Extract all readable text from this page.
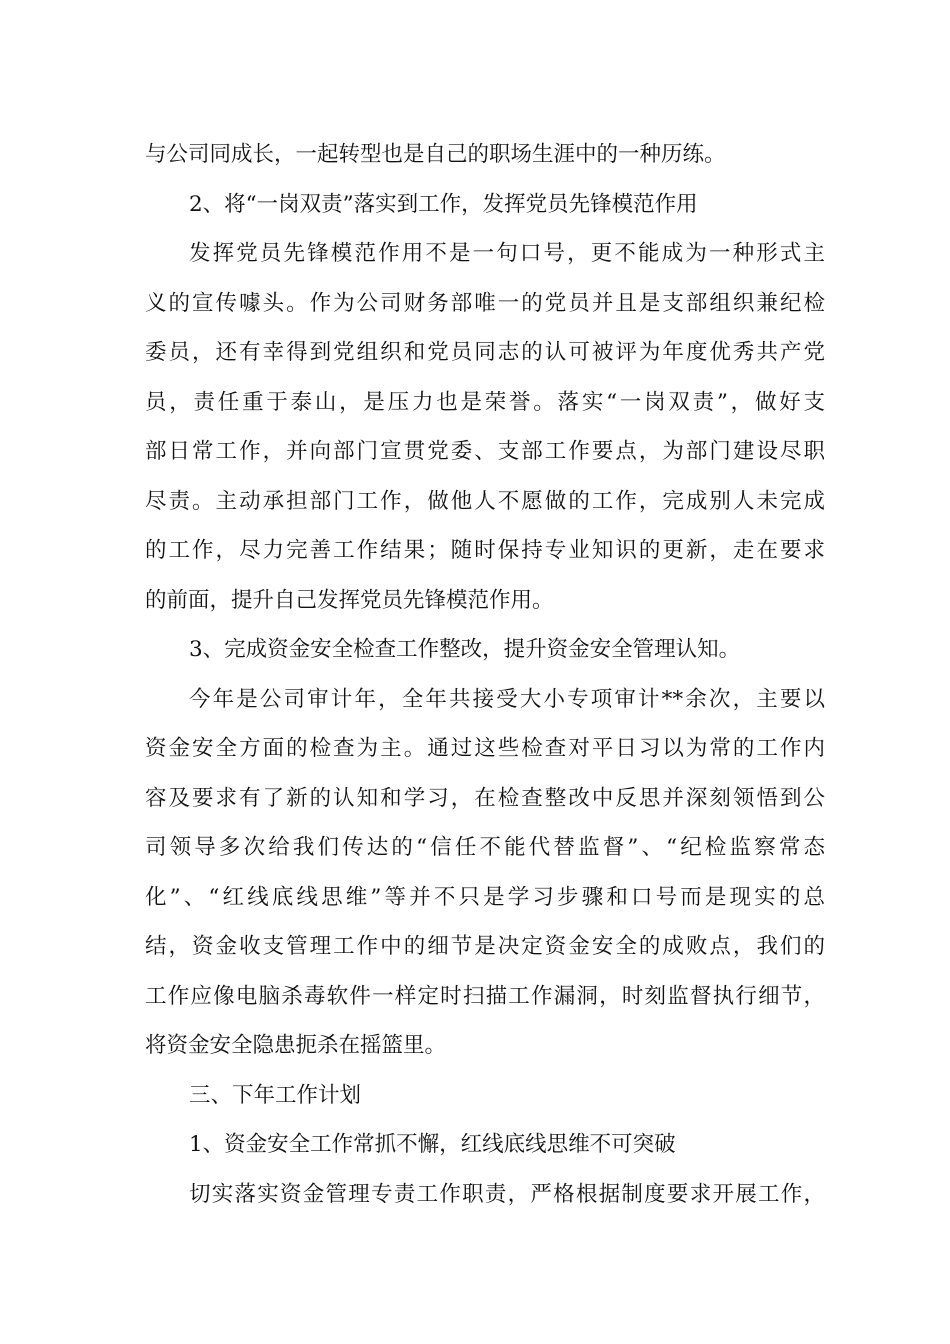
与公司同成长，一起转型也是自己的职场生涯中的一种历练。
2、将“一岗双责”落实到工作，发挥党员先锋模范作用
发挥党员先锋模范作用不是一句口号，更不能成为一种形式主
义的宣传噱头。作为公司财务部唯一的党员并且是支部组织兼纪检
委员，还有幸得到党组织和党员同志的认可被评为年度优秀共产党
员，责任重于泰山，是压力也是荣誉。落实“一岗双责”，做好支
部日常工作，并向部门宣贯党委、支部工作要点，为部门建设尽职
尽责。主动承担部门工作，做他人不愿做的工作，完成别人未完成
的工作，尽力完善工作结果；随时保持专业知识的更新，走在要求
的前面，提升自己发挥党员先锋模范作用。
3、完成资金安全检查工作整改，提升资金安全管理认知。
今年是公司审计年，全年共接受大小专项审计**余次，主要以
资金安全方面的检查为主。通过这些检查对平日习以为常的工作内
容及要求有了新的认知和学习，在检查整改中反思并深刻领悟到公
司领导多次给我们传达的“信任不能代替监督”、“纪检监察常态
化”、“红线底线思维”等并不只是学习步骤和口号而是现实的总
结，资金收支管理工作中的细节是决定资金安全的成败点，我们的
工作应像电脑杀毒软件一样定时扫描工作漏洞，时刻监督执行细节，
将资金安全隐患扼杀在摇篮里。
三、下年工作计划
1、资金安全工作常抓不懈，红线底线思维不可突破
切实落实资金管理专责工作职责，严格根据制度要求开展工作，
